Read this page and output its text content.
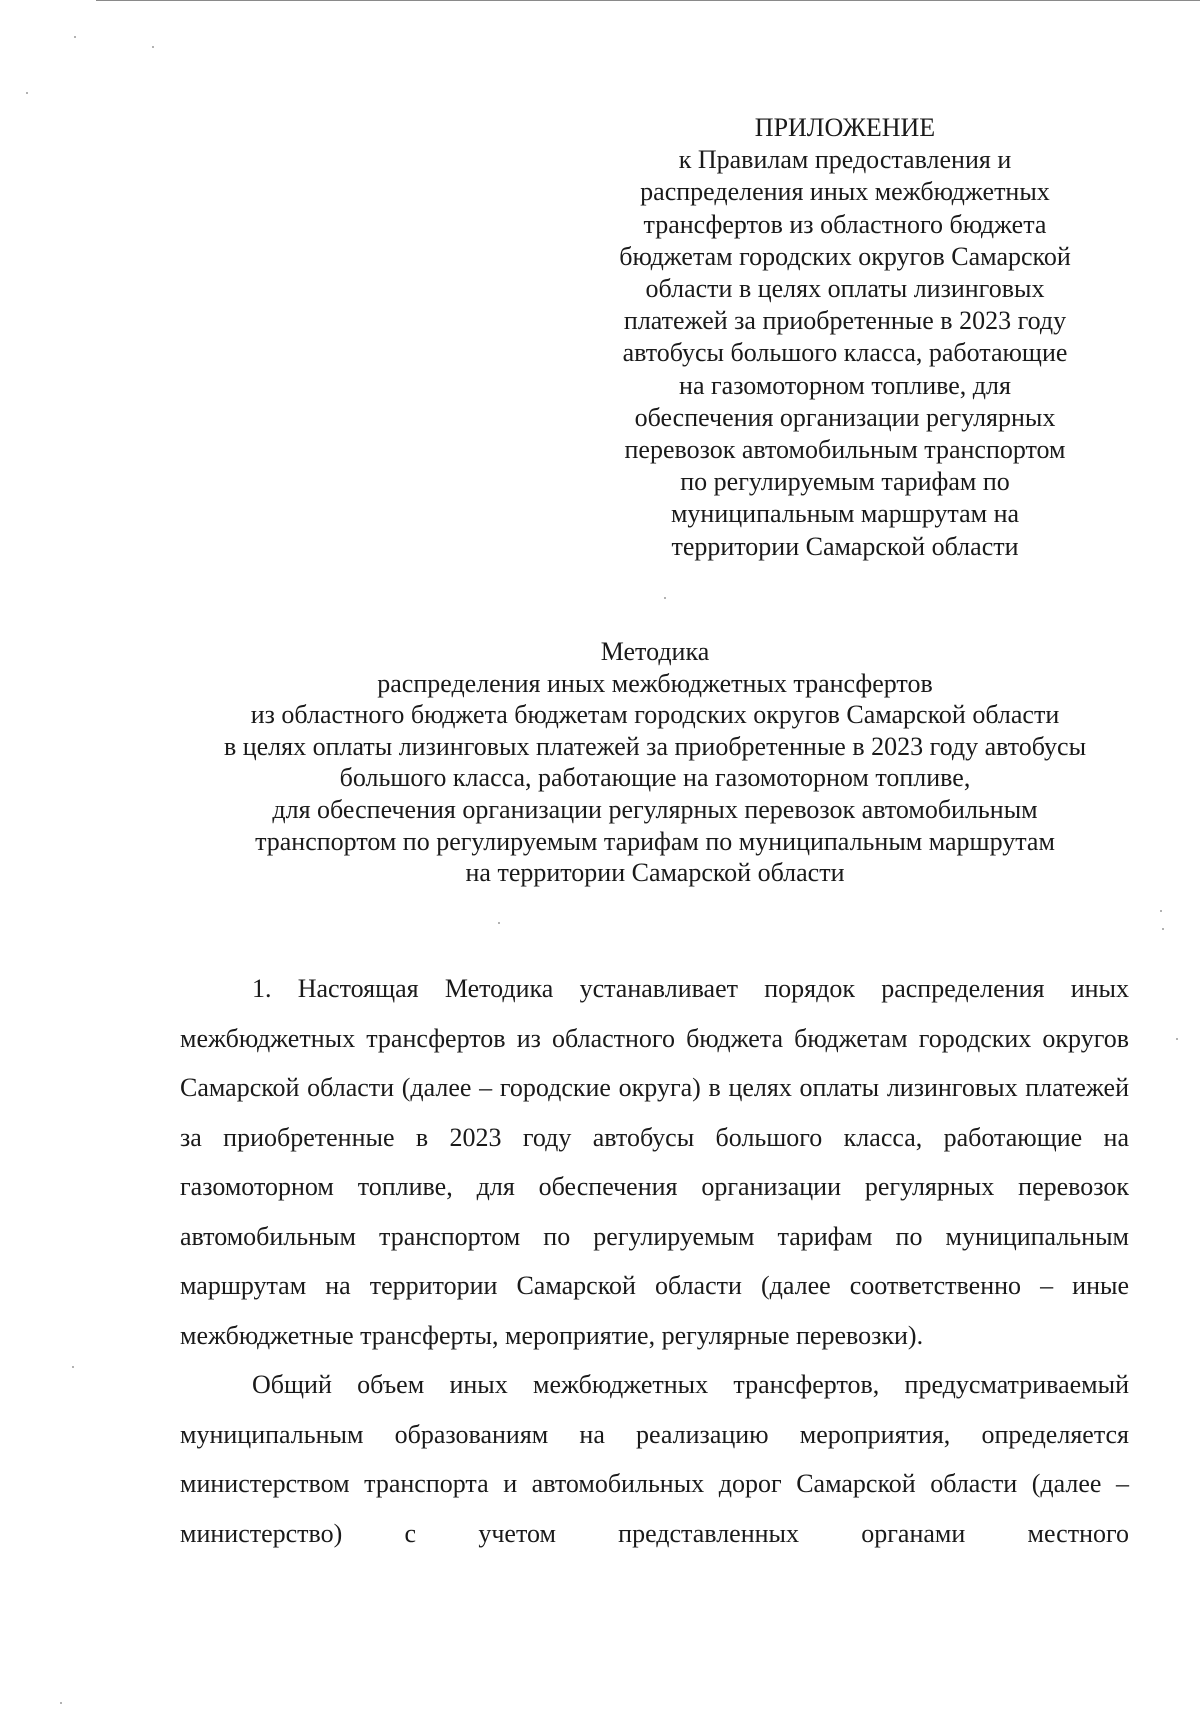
ПРИЛОЖЕНИЕ
к Правилам предоставления и
распределения иных межбюджетных
трансфертов из областного бюджета
бюджетам городских округов Самарской
области в целях оплаты лизинговых
платежей за приобретенные в 2023 году
автобусы большого класса, работающие
на газомоторном топливе, для
обеспечения организации регулярных
перевозок автомобильным транспортом
по регулируемым тарифам по
муниципальным маршрутам на
территории Самарской области
Методика
распределения иных межбюджетных трансфертов
из областного бюджета бюджетам городских округов Самарской области
в целях оплаты лизинговых платежей за приобретенные в 2023 году автобусы
большого класса, работающие на газомоторном топливе,
для обеспечения организации регулярных перевозок автомобильным
транспортом по регулируемым тарифам по муниципальным маршрутам
на территории Самарской области

1. Настоящая Методика устанавливает порядок распределения иных межбюджетных трансфертов из областного бюджета бюджетам городских округов Самарской области (далее – городские округа) в целях оплаты лизинговых платежей за приобретенные в 2023 году автобусы большого класса, работающие на газомоторном топливе, для обеспечения организации регулярных перевозок автомобильным транспортом по регулируемым тарифам по муниципальным маршрутам на территории Самарской области (далее соответственно – иные межбюджетные трансферты, мероприятие, регулярные перевозки).

Общий объем иных межбюджетных трансфертов, предусматриваемый муниципальным образованиям на реализацию мероприятия, определяется министерством транспорта и автомобильных дорог Самарской области (далее – министерство) с учетом представленных органами местного
